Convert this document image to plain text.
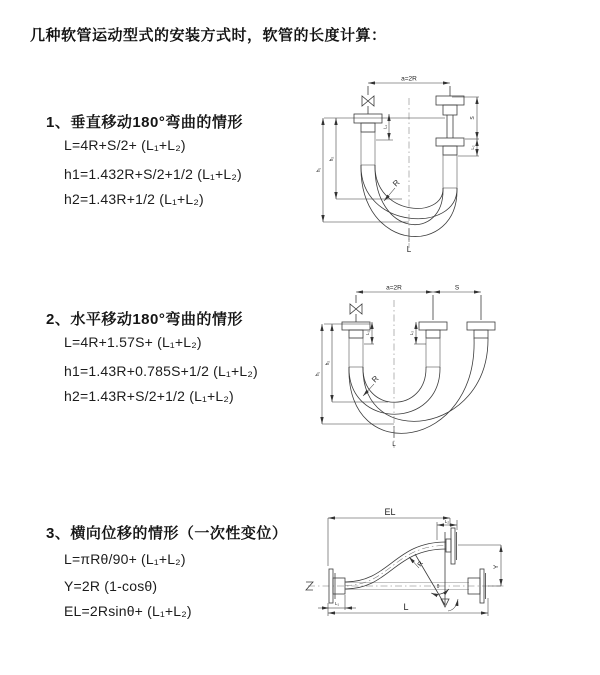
几种软管运动型式的安装方式时，软管的长度计算：
1、垂直移动180°弯曲的情形
L=4R+S/2+ (L₁+L₂)
h1=1.432R+S/2+1/2 (L₁+L₂)
h2=1.43R+1/2 (L₁+L₂)
2、水平移动180°弯曲的情形
L=4R+1.57S+ (L₁+L₂)
h1=1.43R+0.785S+1/2 (L₁+L₂)
h2=1.43R+S/2+1/2 (L₁+L₂)
3、横向位移的情形（一次性变位）
L=πRθ/90+ (L₁+L₂)
Y=2R (1-cosθ)
EL=2Rsinθ+ (L₁+L₂)
a=2R
h₁
h₂
L₁
S
L₂
R
L
a=2R	S
h₁
h₂
L₁	L₂
R
L
EL
L₂
Y
R
θ
L₁	L
